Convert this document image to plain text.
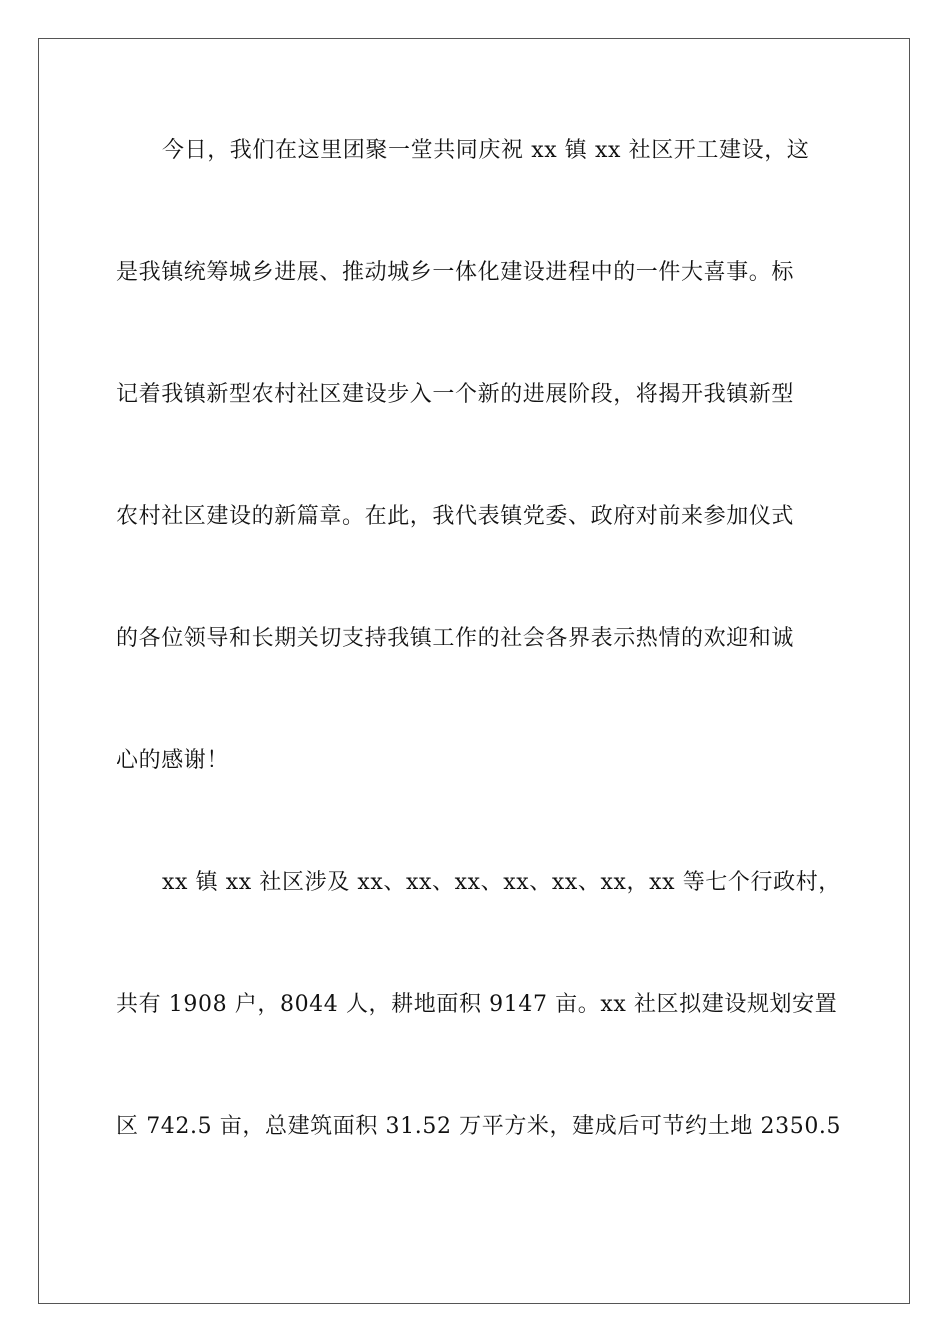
今日，我们在这里团聚一堂共同庆祝 xx 镇 xx 社区开工建设，这
是我镇统筹城乡进展、推动城乡一体化建设进程中的一件大喜事。标
记着我镇新型农村社区建设步入一个新的进展阶段，将揭开我镇新型
农村社区建设的新篇章。在此，我代表镇党委、政府对前来参加仪式
的各位领导和长期关切支持我镇工作的社会各界表示热情的欢迎和诚
心的感谢！
xx 镇 xx 社区涉及 xx、xx、xx、xx、xx、xx，xx 等七个行政村，
共有 1908 户，8044 人，耕地面积 9147 亩。xx 社区拟建设规划安置
区 742.5 亩，总建筑面积 31.52 万平方米，建成后可节约土地 2350.5
